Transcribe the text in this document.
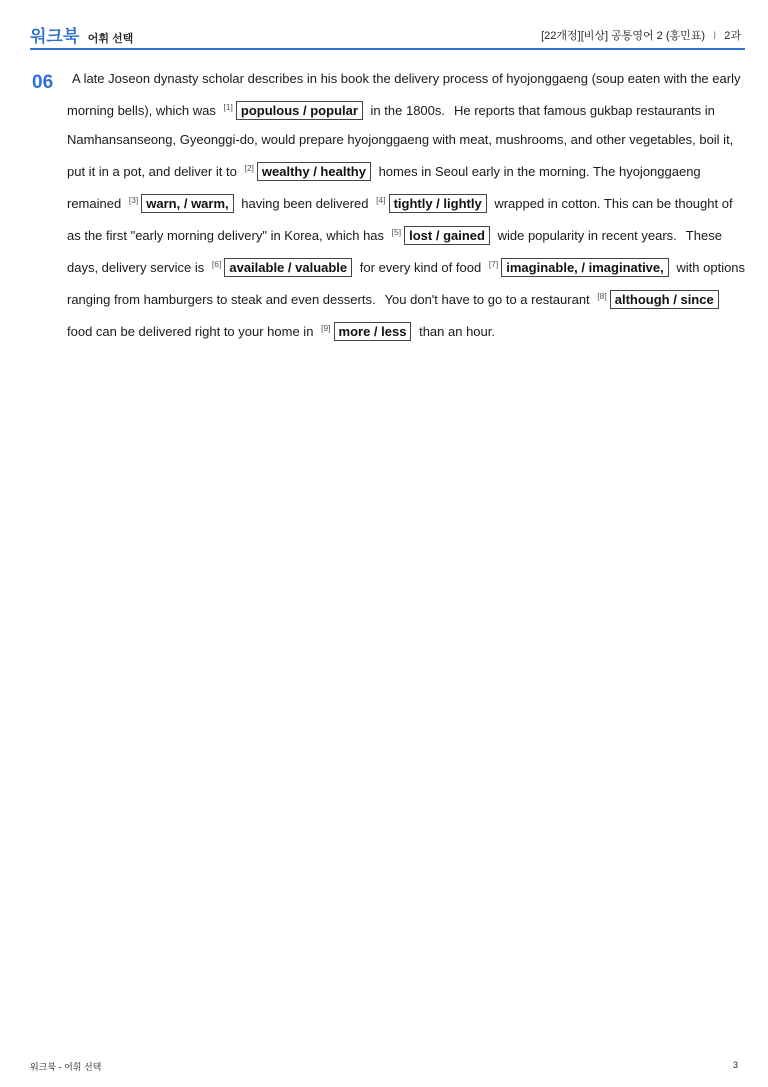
워크북 어휘 선택	[22개정][비상] 공통영어 2 (홍민표) I 2과
06	A late Joseon dynasty scholar describes in his book the delivery process of hyojonggaeng (soup eaten with the early morning bells), which was [1] populous / popular in the 1800s. He reports that famous gukbap restaurants in Namhansanseong, Gyeonggi-do, would prepare hyojonggaeng with meat, mushrooms, and other vegetables, boil it, put it in a pot, and deliver it to [2] wealthy / healthy homes in Seoul early in the morning. The hyojonggaeng remained [3] warn, / warm, having been delivered [4] tightly / lightly wrapped in cotton. This can be thought of as the first "early morning delivery" in Korea, which has [5] lost / gained wide popularity in recent years. These days, delivery service is [6] available / valuable for every kind of food [7] imaginable, / imaginative, with options ranging from hamburgers to steak and even desserts. You don't have to go to a restaurant [8] although / since food can be delivered right to your home in [9] more / less than an hour.
워크북 - 어휘 선택	3
